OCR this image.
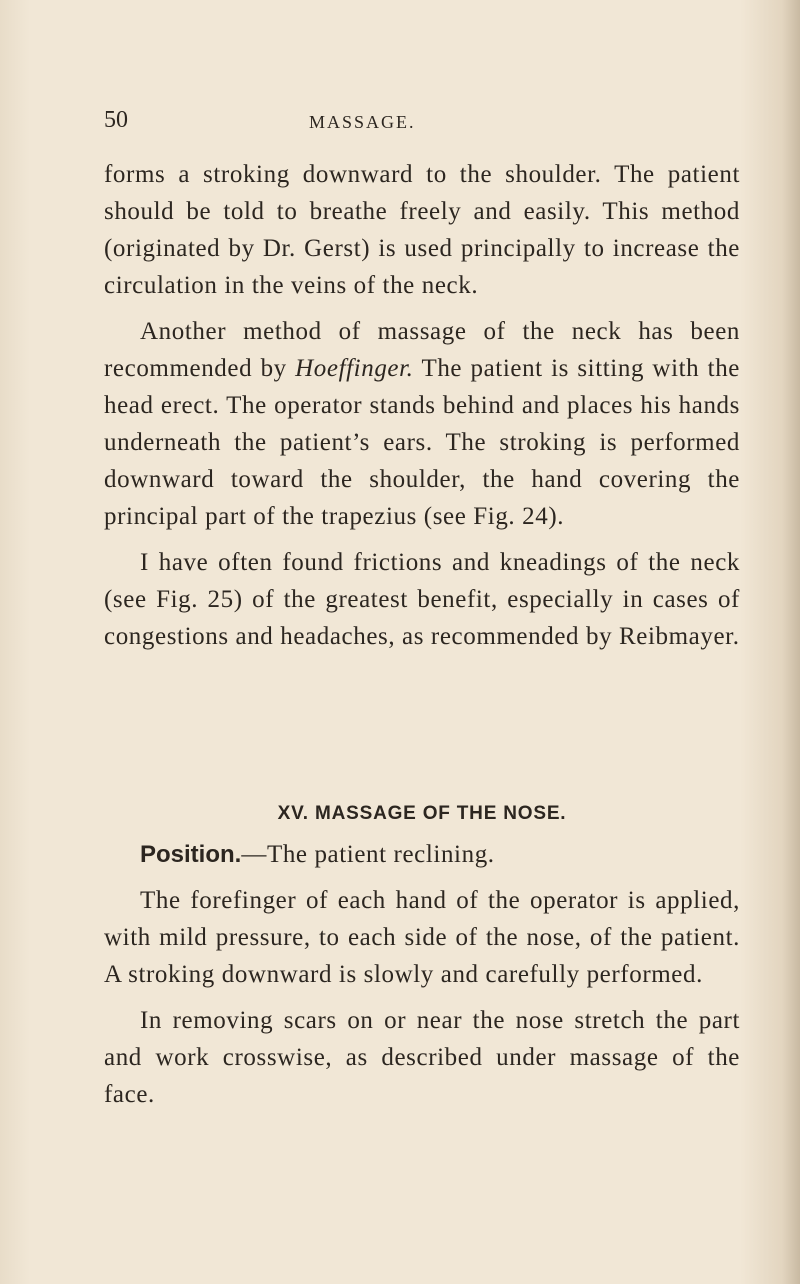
50	MASSAGE.

forms a stroking downward to the shoulder. The patient should be told to breathe freely and easily. This method (originated by Dr. Gerst) is used principally to increase the circulation in the veins of the neck.

Another method of massage of the neck has been recommended by Hoeffinger. The patient is sitting with the head erect. The operator stands behind and places his hands underneath the patient’s ears. The stroking is performed downward toward the shoulder, the hand covering the principal part of the trapezius (see Fig. 24).

I have often found frictions and kneadings of the neck (see Fig. 25) of the greatest benefit, especially in cases of congestions and headaches, as recommended by Reibmayer.

XV. MASSAGE OF THE NOSE.

Position.—The patient reclining.

The forefinger of each hand of the operator is applied, with mild pressure, to each side of the nose, of the patient. A stroking downward is slowly and carefully performed.

In removing scars on or near the nose stretch the part and work crosswise, as described under massage of the face.
